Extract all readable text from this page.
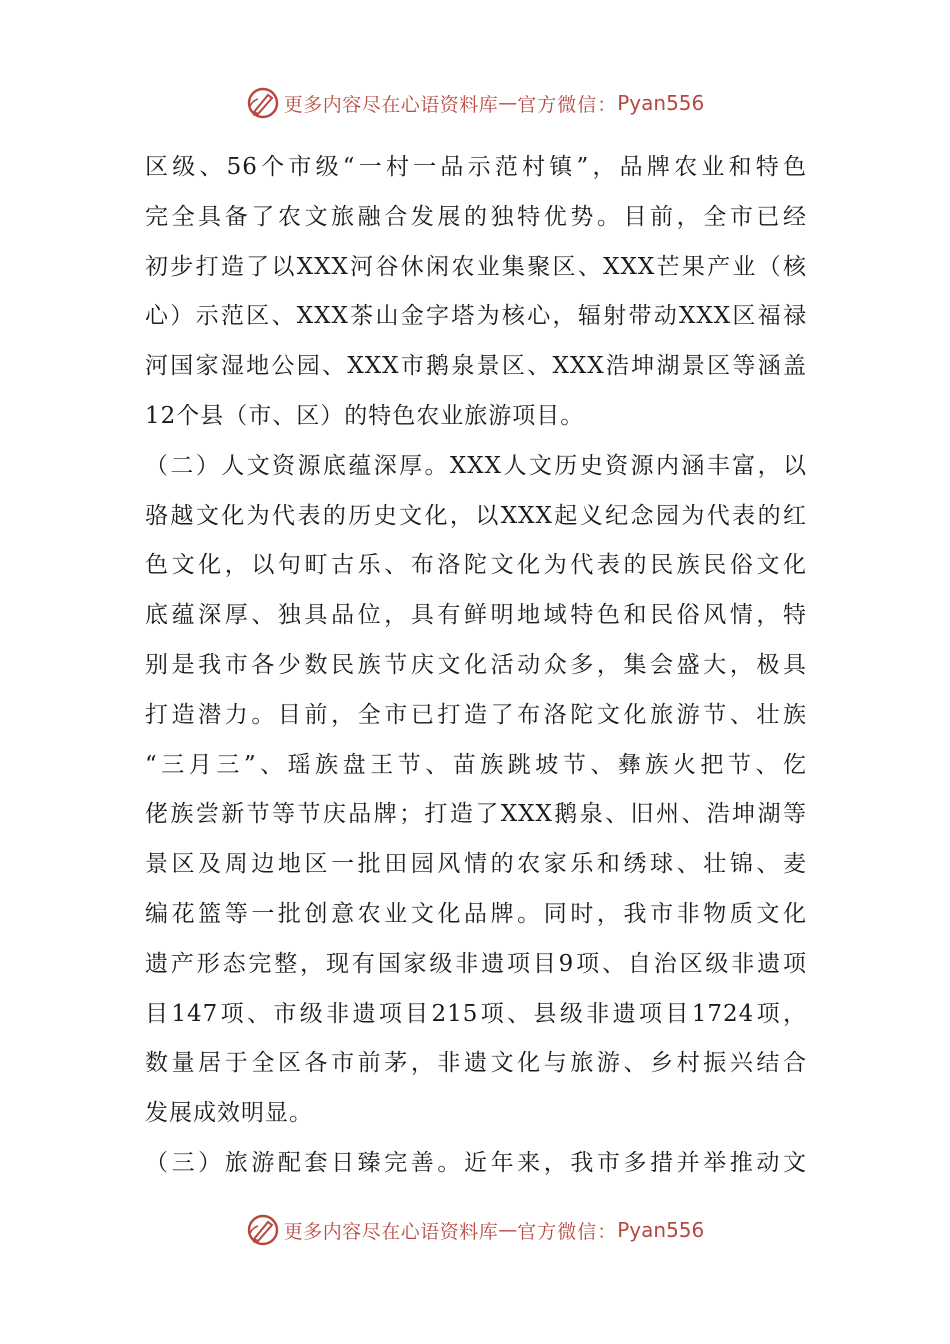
更多内容尽在心语资料库 — 官方微信： Pyan556
区级、56个市级“一村一品示范村镇”，品牌农业和特色
完全具备了农文旅融合发展的独特优势。目前，全市已经
初步打造了以XXX河谷休闲农业集聚区、XXX芒果产业（核
心）示范区、XXX茶山金字塔为核心，辐射带动XXX区福禄
河国家湿地公园、XXX市鹅泉景区、XXX浩坤湖景区等涵盖
12个县（市、区）的特色农业旅游项目。
（二）人文资源底蕴深厚。XXX人文历史资源内涵丰富，以
骆越文化为代表的历史文化，以XXX起义纪念园为代表的红
色文化，以句町古乐、布洛陀文化为代表的民族民俗文化
底蕴深厚、独具品位，具有鲜明地域特色和民俗风情，特
别是我市各少数民族节庆文化活动众多，集会盛大，极具
打造潜力。目前，全市已打造了布洛陀文化旅游节、壮族
“三月三”、瑶族盘王节、苗族跳坡节、彝族火把节、仡
佬族尝新节等节庆品牌；打造了XXX鹅泉、旧州、浩坤湖等
景区及周边地区一批田园风情的农家乐和绣球、壮锦、麦
编花篮等一批创意农业文化品牌。同时，我市非物质文化
遗产形态完整，现有国家级非遗项目9项、自治区级非遗项
目147项、市级非遗项目215项、县级非遗项目1724项，
数量居于全区各市前茅，非遗文化与旅游、乡村振兴结合
发展成效明显。
（三）旅游配套日臻完善。近年来，我市多措并举推动文
更多内容尽在心语资料库 — 官方微信： Pyan556
